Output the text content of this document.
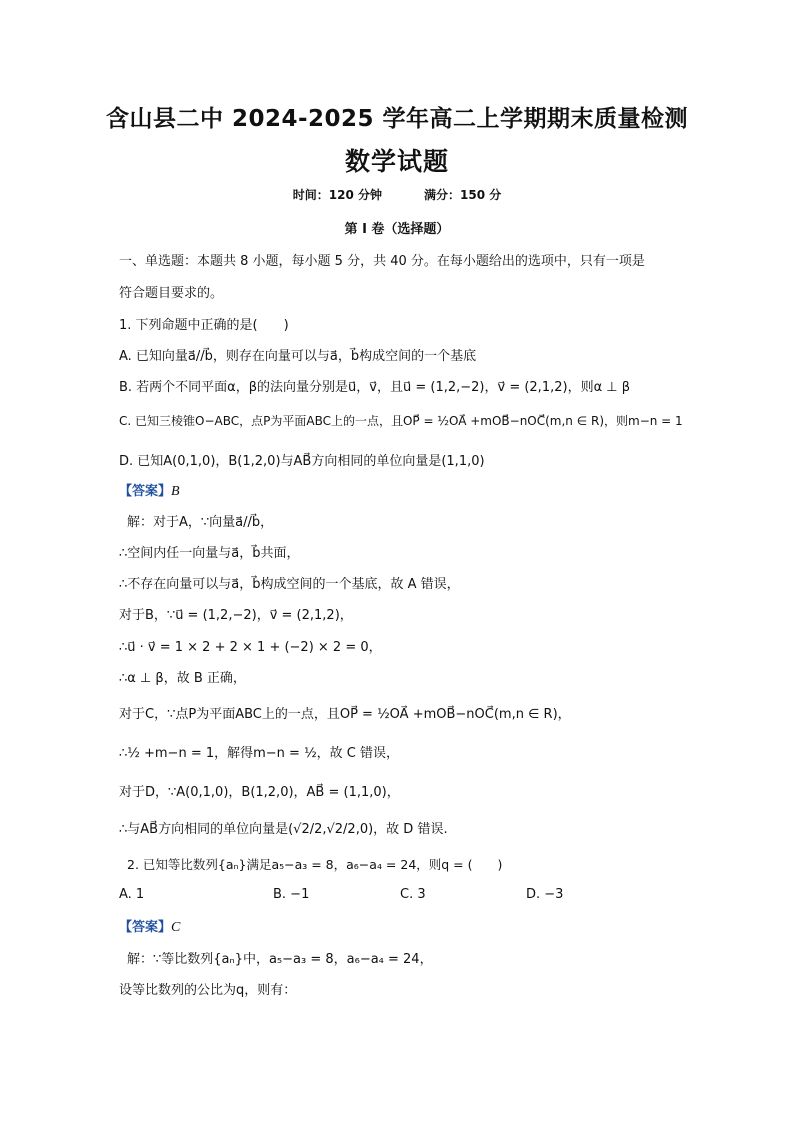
含山县二中 2024-2025 学年高二上学期期末质量检测
数学试题
时间：120 分钟	满分：150 分
第 I 卷（选择题）
一、单选题：本题共 8 小题，每小题 5 分，共 40 分。在每小题给出的选项中，只有一项是
符合题目要求的。
1. 下列命题中正确的是(　　)
A. 已知向量a⃗//b⃗，则存在向量可以与a⃗，b⃗构成空间的一个基底
B. 若两个不同平面α，β的法向量分别是u⃗，v⃗，且u⃗ = (1,2,−2)，v⃗ = (2,1,2)，则α ⊥ β
C. 已知三棱锥O−ABC，点P为平面ABC上的一点，且OP⃗ = ½OA⃗ +mOB⃗−nOC⃗(m,n ∈ R)，则m−n = 1
D. 已知A(0,1,0)，B(1,2,0)与AB⃗方向相同的单位向量是(1,1,0)
【答案】B
解：对于A，∵向量a⃗//b⃗，
∴空间内任一向量与a⃗，b⃗共面，
∴不存在向量可以与a⃗，b⃗构成空间的一个基底，故 A 错误，
对于B，∵u⃗ = (1,2,−2)，v⃗ = (2,1,2)，
∴u⃗ · v⃗ = 1 × 2 + 2 × 1 + (−2) × 2 = 0，
∴α ⊥ β，故 B 正确，
对于C，∵点P为平面ABC上的一点，且OP⃗ = ½OA⃗ +mOB⃗−nOC⃗(m,n ∈ R)，
∴½ +m−n = 1，解得m−n = ½，故 C 错误，
对于D，∵A(0,1,0)，B(1,2,0)，AB⃗ = (1,1,0)，
∴与AB⃗方向相同的单位向量是(√2/2,√2/2,0)，故 D 错误.
2. 已知等比数列{aₙ}满足a₅−a₃ = 8，a₆−a₄ = 24，则q = (　　)
A. 1	B. −1	C. 3	D. −3
【答案】C
解：∵等比数列{aₙ}中，a₅−a₃ = 8，a₆−a₄ = 24，
设等比数列的公比为q，则有：
